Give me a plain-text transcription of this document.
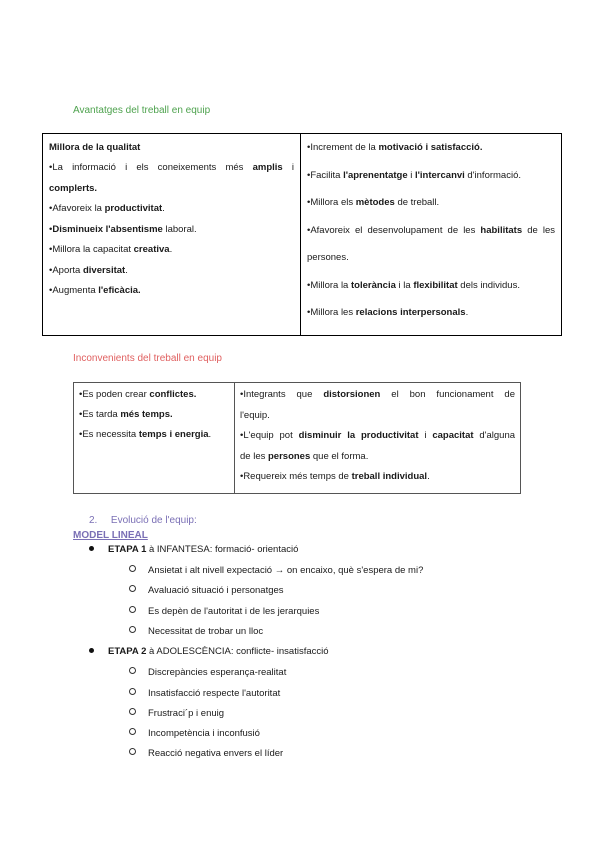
Avantatges del treball en equip
Millora de la qualitat
•La informació i els coneixements més amplis i
complerts.
•Afavoreix la productivitat.
•Disminueix l'absentisme laboral.
•Millora la capacitat creativa.
•Aporta diversitat.
•Augmenta l'eficàcia.

•Increment de la motivació i satisfacció.
•Facilita l'aprenentatge i l'intercanvi d'informació.
•Millora els mètodes de treball.
•Afavoreix el desenvolupament de les habilitats de les
persones.
•Millora la tolerància i la flexibilitat dels individus.
•Millora les relacions interpersonals.
Inconvenients del treball en equip
•Es poden crear conflictes.
•Es tarda més temps.
•Es necessita temps i energia.

•Integrants que distorsionen el bon funcionament de
l'equip.
•L'equip pot disminuir la productivitat i capacitat d'alguna
de les persones que el forma.
•Requereix més temps de treball individual.
2. Evolució de l'equip:
MODEL LINEAL
ETAPA 1 à INFANTESA: formació- orientació
Ansietat i alt nivell expectació → on encaixo, què s'espera de mi?
Avaluació situació i personatges
Es depèn de l'autoritat i de les jerarquies
Necessitat de trobar un lloc
ETAPA 2 à ADOLESCÈNCIA: conflicte- insatisfacció
Discrepàncies esperança-realitat
Insatisfacció respecte l'autoritat
Frustraci´p i enuig
Incompetència i inconfusió
Reacció negativa envers el líder
